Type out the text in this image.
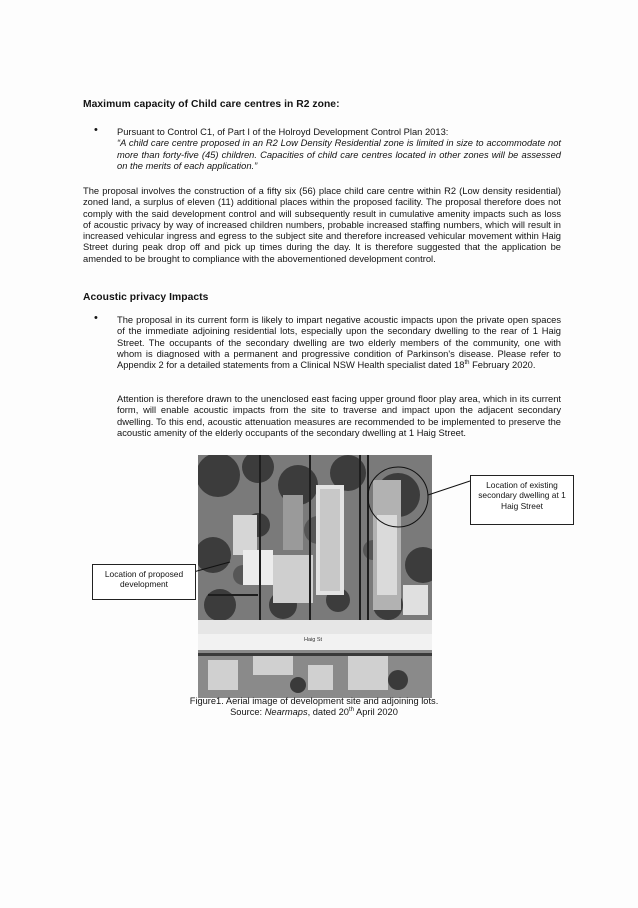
Maximum capacity of Child care centres in R2 zone:
• Pursuant to Control C1, of Part I of the Holroyd Development Control Plan 2013:
“A child care centre proposed in an R2 Low Density Residential zone is limited in size to accommodate not more than forty-five (45) children. Capacities of child care centres located in other zones will be assessed on the merits of each application.”
The proposal involves the construction of a fifty six (56) place child care centre within R2 (Low density residential) zoned land, a surplus of eleven (11) additional places within the proposed facility. The proposal therefore does not comply with the said development control and will subsequently result in cumulative amenity impacts such as loss of acoustic privacy by way of increased children numbers, probable increased staffing numbers, which will result in increased vehicular ingress and egress to the subject site and therefore increased vehicular movement within Haig Street during peak drop off and pick up times during the day. It is therefore suggested that the application be amended to be brought to compliance with the abovementioned development control.
Acoustic privacy Impacts
• The proposal in its current form is likely to impart negative acoustic impacts upon the private open spaces of the immediate adjoining residential lots, especially upon the secondary dwelling to the rear of 1 Haig Street. The occupants of the secondary dwelling are two elderly members of the community, one with whom is diagnosed with a permanent and progressive condition of Parkinson's disease. Please refer to Appendix 2 for a detailed statements from a Clinical NSW Health specialist dated 18th February 2020.
Attention is therefore drawn to the unenclosed east facing upper ground floor play area, which in its current form, will enable acoustic impacts from the site to traverse and impact upon the adjacent secondary dwelling. To this end, acoustic attenuation measures are recommended to be implemented to preserve the acoustic amenity of the elderly occupants of the secondary dwelling at 1 Haig Street.
Haig St
Location of existing secondary dwelling at 1 Haig Street
Location of proposed development
Figure1. Aerial image of development site and adjoining lots.
Source: Nearmaps, dated 20th April 2020
